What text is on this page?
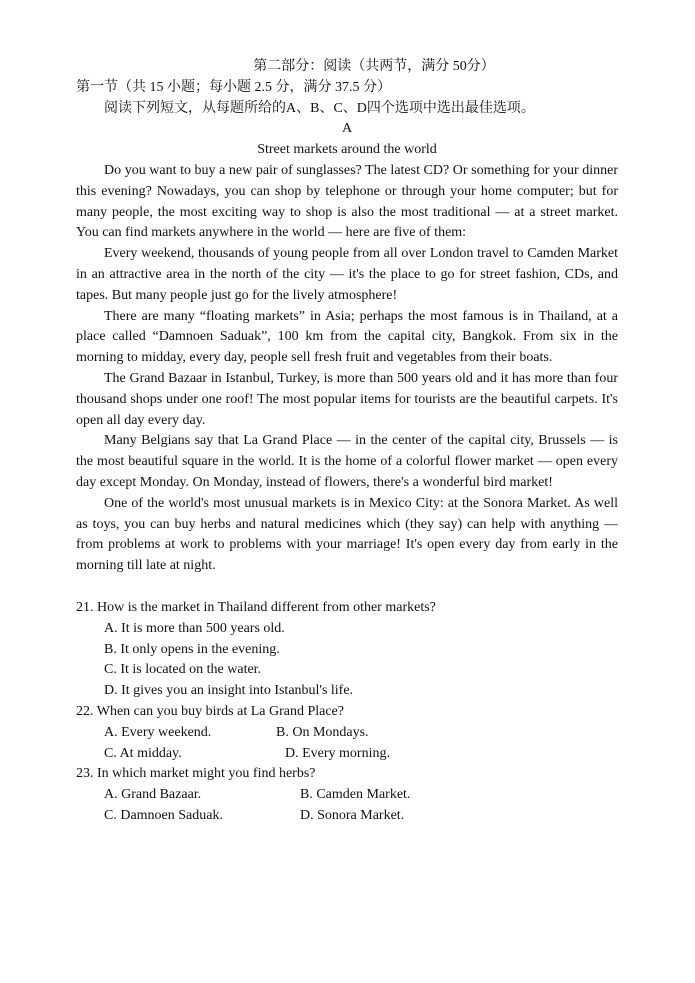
第二部分：阅读（共两节，满分 50分）
第一节（共 15 小题；每小题 2.5 分，满分 37.5 分）
阅读下列短文，从每题所给的A、B、C、D四个选项中选出最佳选项。
A
Street markets around the world

Do you want to buy a new pair of sunglasses? The latest CD? Or something for your dinner this evening? Nowadays, you can shop by telephone or through your home computer; but for many people, the most exciting way to shop is also the most traditional — at a street market. You can find markets anywhere in the world — here are five of them:

Every weekend, thousands of young people from all over London travel to Camden Market in an attractive area in the north of the city — it's the place to go for street fashion, CDs, and tapes. But many people just go for the lively atmosphere!

There are many “floating markets” in Asia; perhaps the most famous is in Thailand, at a place called “Damnoen Saduak”, 100 km from the capital city, Bangkok. From six in the morning to midday, every day, people sell fresh fruit and vegetables from their boats.

The Grand Bazaar in Istanbul, Turkey, is more than 500 years old and it has more than four thousand shops under one roof! The most popular items for tourists are the beautiful carpets. It's open all day every day.

Many Belgians say that La Grand Place — in the center of the capital city, Brussels — is the most beautiful square in the world. It is the home of a colorful flower market — open every day except Monday. On Monday, instead of flowers, there's a wonderful bird market!

One of the world's most unusual markets is in Mexico City: at the Sonora Market. As well as toys, you can buy herbs and natural medicines which (they say) can help with anything — from problems at work to problems with your marriage! It's open every day from early in the morning till late at night.

21. How is the market in Thailand different from other markets?
A. It is more than 500 years old.
B. It only opens in the evening.
C. It is located on the water.
D. It gives you an insight into Istanbul's life.
22. When can you buy birds at La Grand Place?
A. Every weekend.	B. On Mondays.
C. At midday.	D. Every morning.
23. In which market might you find herbs?
A. Grand Bazaar.	B. Camden Market.
C. Damnoen Saduak.	D. Sonora Market.
